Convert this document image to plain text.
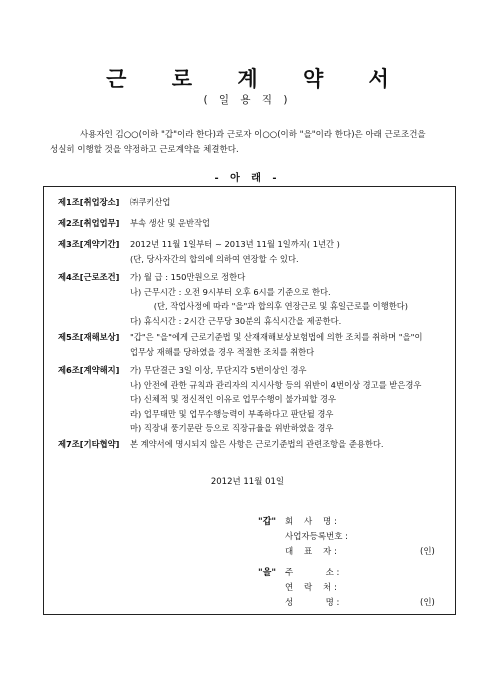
근 로 계 약 서
( 일 용 직 )
사용자인 김○○(이하 "갑"이라 한다)과 근로자 이○○(이하 "을"이라 한다)은 아래 근로조건을
성실히 이행할 것을 약정하고 근로계약을 체결한다.
- 아 래 -
제1조[취업장소] ㈜쿠키산업
제2조[취업업무] 부속 생산 및 운반작업
제3조[계약기간] 2012년 11월 1일부터 ~ 2013년 11월 1일까지( 1년간 )
(단, 당사자간의 합의에 의하여 연장할 수 있다.
제4조[근로조건] 가) 월 급 : 150만원으로 정한다
나) 근무시간 : 오전 9시부터 오후 6시를 기준으로 한다.
(단, 작업사정에 따라 "을"과 합의후 연장근로 및 휴일근로를 이행한다)
다) 휴식시간 : 2시간 근무당 30분의 휴식시간을 제공한다.
제5조[재해보상] "갑"은 "을"에게 근로기준법 및 산재재해보상보험법에 의한 조치를 취하며 "을"이
업무상 재해를 당하였을 경우 적절한 조치를 취한다
제6조[계약해지] 가) 무단결근 3일 이상, 무단지각 5번이상인 경우
나) 안전에 관한 규칙과 관리자의 지시사항 등의 위반이 4번이상 경고를 받은경우
다) 신체적 및 정신적인 이유로 업무수행이 불가피할 경우
라) 업무태만 및 업무수행능력이 부족하다고 판단될 경우
마) 직장내 풍기문란 등으로 직장규율을 위반하였을 경우
제7조[기타협약] 본 계약서에 명시되지 않은 사항은 근로기준법의 관련조항을 준용한다.
2012년 11월 01일
"갑" 회    사    명 :
사업자등록번호 :
대    표    자 :	(인)
"을" 주            소 :
연    락    처 :
성            명 :	(인)
